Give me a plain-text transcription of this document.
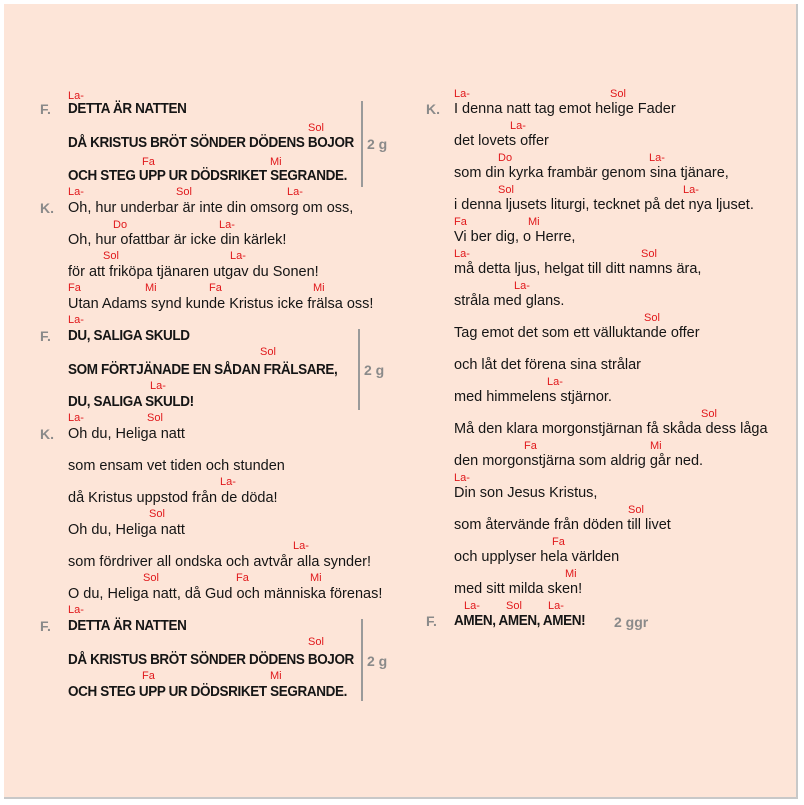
La-
F. DETTA ÄR NATTEN
Sol
DÅ KRISTUS BRÖT SÖNDER DÖDENS BOJOR
Fa	Mi
OCH STEG UPP UR DÖDSRIKET SEGRANDE.
2 g
La-	Sol	La-
K. Oh, hur underbar är inte din omsorg om oss,
Do	La-
Oh, hur ofattbar är icke din kärlek!
Sol	La-
för att friköpa tjänaren utgav du Sonen!
Fa	Mi	Fa	Mi
Utan Adams synd kunde Kristus icke frälsa oss!
La-
F. DU, SALIGA SKULD
Sol
SOM FÖRTJÄNADE EN SÅDAN FRÄLSARE,
La-
DU, SALIGA SKULD!
2 g
La-	Sol
K. Oh du, Heliga natt
som ensam vet tiden och stunden
La-
då Kristus uppstod från de döda!
Sol
Oh du, Heliga natt
La-
som fördriver all ondska och avtvår alla synder!
Sol	Fa	Mi
O du, Heliga natt, då Gud och människa förenas!
La-
F. DETTA ÄR NATTEN
Sol
DÅ KRISTUS BRÖT SÖNDER DÖDENS BOJOR
Fa	Mi
OCH STEG UPP UR DÖDSRIKET SEGRANDE.
2 g
La-	Sol
K. I denna natt tag emot helige Fader
La-
det lovets offer
Do	La-
som din kyrka frambär genom sina tjänare,
Sol	La-
i denna ljusets liturgi, tecknet på det nya ljuset.
Fa	Mi
Vi ber dig, o Herre,
La-	Sol
må detta ljus, helgat till ditt namns ära,
La-
stråla med glans.
Sol
Tag emot det som ett välluktande offer
och låt det förena sina strålar
La-
med himmelens stjärnor.
Sol
Må den klara morgonstjärnan få skåda dess låga
Fa	Mi
den morgonstjärna som aldrig går ned.
La-
Din son Jesus Kristus,
Sol
som återvände från döden till livet
Fa
och upplyser hela världen
Mi
med sitt milda sken!
La- Sol La-
F. AMEN, AMEN, AMEN! 2 ggr
